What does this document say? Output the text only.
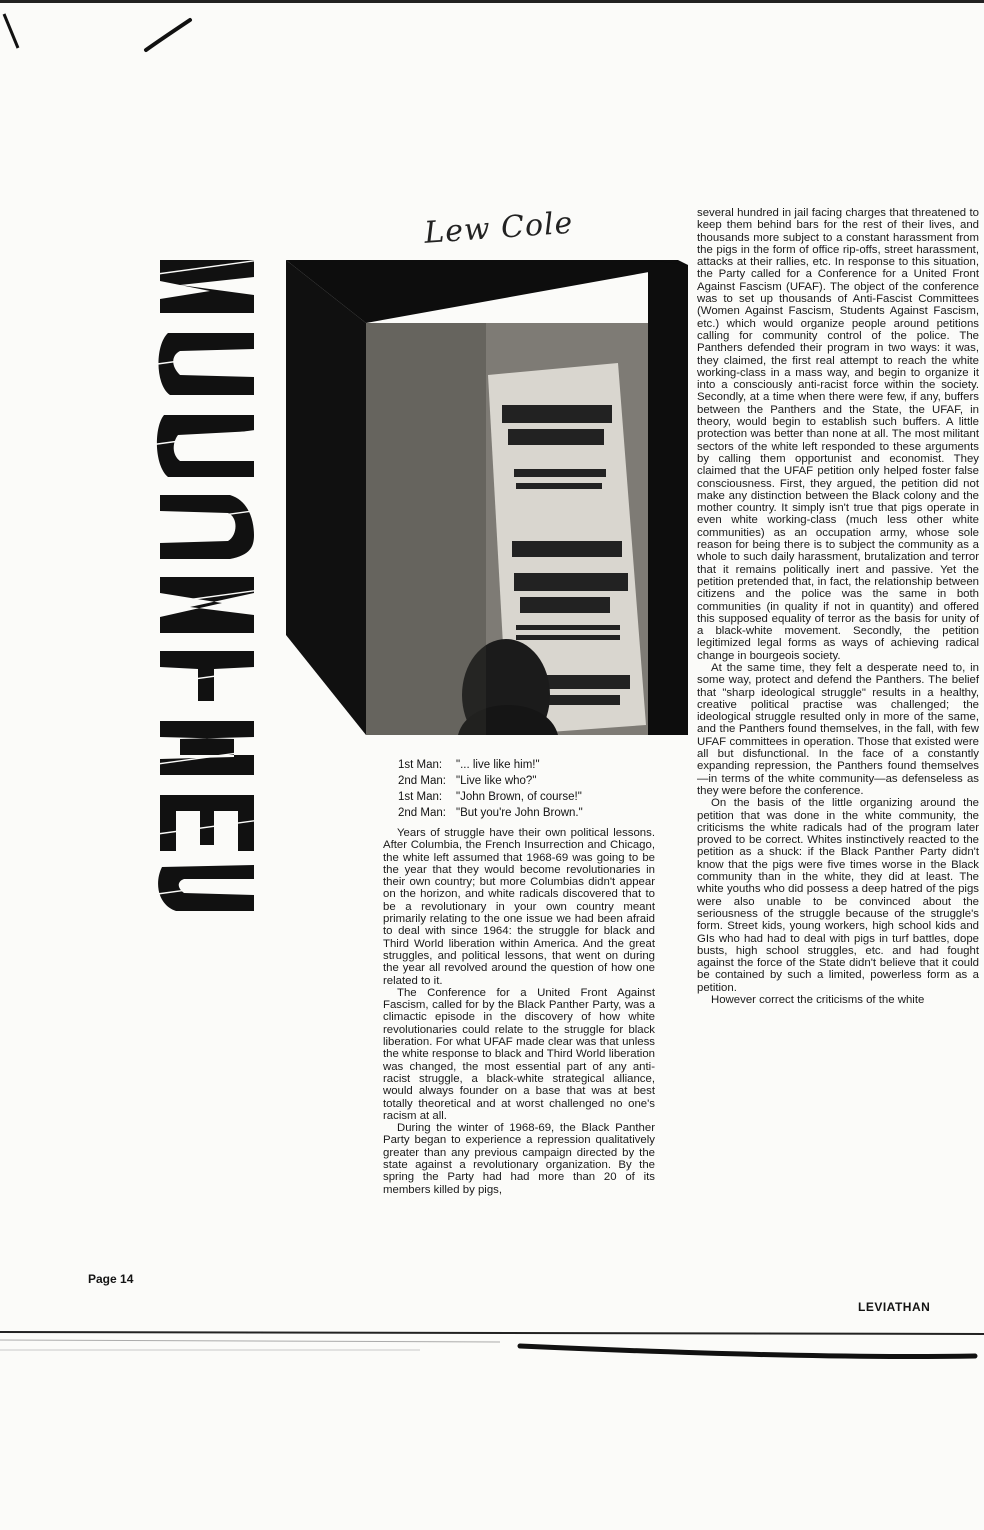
Lew Cole
1st Man: "... live like him!"
2nd Man: "Live like who?"
1st Man: "John Brown, of course!"
2nd Man: "But you're John Brown."

Years of struggle have their own political lessons. After Columbia, the French Insurrection and Chicago, the white left assumed that 1968-69 was going to be the year that they would become revolutionaries in their own country; but more Columbias didn't appear on the horizon, and white radicals discovered that to be a revolutionary in your own country meant primarily relating to the one issue we had been afraid to deal with since 1964: the struggle for black and Third World liberation within America. And the great struggles, and political lessons, that went on during the year all revolved around the question of how one related to it.

The Conference for a United Front Against Fascism, called for by the Black Panther Party, was a climactic episode in the discovery of how white revolutionaries could relate to the struggle for black liberation. For what UFAF made clear was that unless the white response to black and Third World liberation was changed, the most essential part of any anti-racist struggle, a black-white strategical alliance, would always founder on a base that was at best totally theoretical and at worst challenged no one's racism at all.

During the winter of 1968-69, the Black Panther Party began to experience a repression qualitatively greater than any previous campaign directed by the state against a revolutionary organization. By the spring the Party had had more than 20 of its members killed by pigs,

several hundred in jail facing charges that threatened to keep them behind bars for the rest of their lives, and thousands more subject to a constant harassment from the pigs in the form of office rip-offs, street harassment, attacks at their rallies, etc. In response to this situation, the Party called for a Conference for a United Front Against Fascism (UFAF). The object of the conference was to set up thousands of Anti-Fascist Committees (Women Against Fascism, Students Against Fascism, etc.) which would organize people around petitions calling for community control of the police. The Panthers defended their program in two ways: it was, they claimed, the first real attempt to reach the white working-class in a mass way, and begin to organize it into a consciously anti-racist force within the society. Secondly, at a time when there were few, if any, buffers between the Panthers and the State, the UFAF, in theory, would begin to establish such buffers. A little protection was better than none at all. The most militant sectors of the white left responded to these arguments by calling them opportunist and economist. They claimed that the UFAF petition only helped foster false consciousness. First, they argued, the petition did not make any distinction between the Black colony and the mother country. It simply isn't true that pigs operate in even white working-class (much less other white communities) as an occupation army, whose sole reason for being there is to subject the community as a whole to such daily harassment, brutalization and terror that it remains politically inert and passive. Yet the petition pretended that, in fact, the relationship between citizens and the police was the same in both communities (in quality if not in quantity) and offered this supposed equality of terror as the basis for unity of a black-white movement. Secondly, the petition legitimized legal forms as ways of achieving radical change in bourgeois society.

At the same time, they felt a desperate need to, in some way, protect and defend the Panthers. The belief that "sharp ideological struggle" results in a healthy, creative political practise was challenged; the ideological struggle resulted only in more of the same, and the Panthers found themselves, in the fall, with few UFAF committees in operation. Those that existed were all but disfunctional. In the face of a constantly expanding repression, the Panthers found themselves—in terms of the white community—as defenseless as they were before the conference.

On the basis of the little organizing around the petition that was done in the white community, the criticisms the white radicals had of the program later proved to be correct. Whites instinctively reacted to the petition as a shuck: if the Black Panther Party didn't know that the pigs were five times worse in the Black community than in the white, they did at least. The white youths who did possess a deep hatred of the pigs were also unable to be convinced about the seriousness of the struggle because of the struggle's form. Street kids, young workers, high school kids and GIs who had had to deal with pigs in turf battles, dope busts, high school struggles, etc. and had fought against the force of the State didn't believe that it could be contained by such a limited, powerless form as a petition.

However correct the criticisms of the white

Page 14
LEVIATHAN
